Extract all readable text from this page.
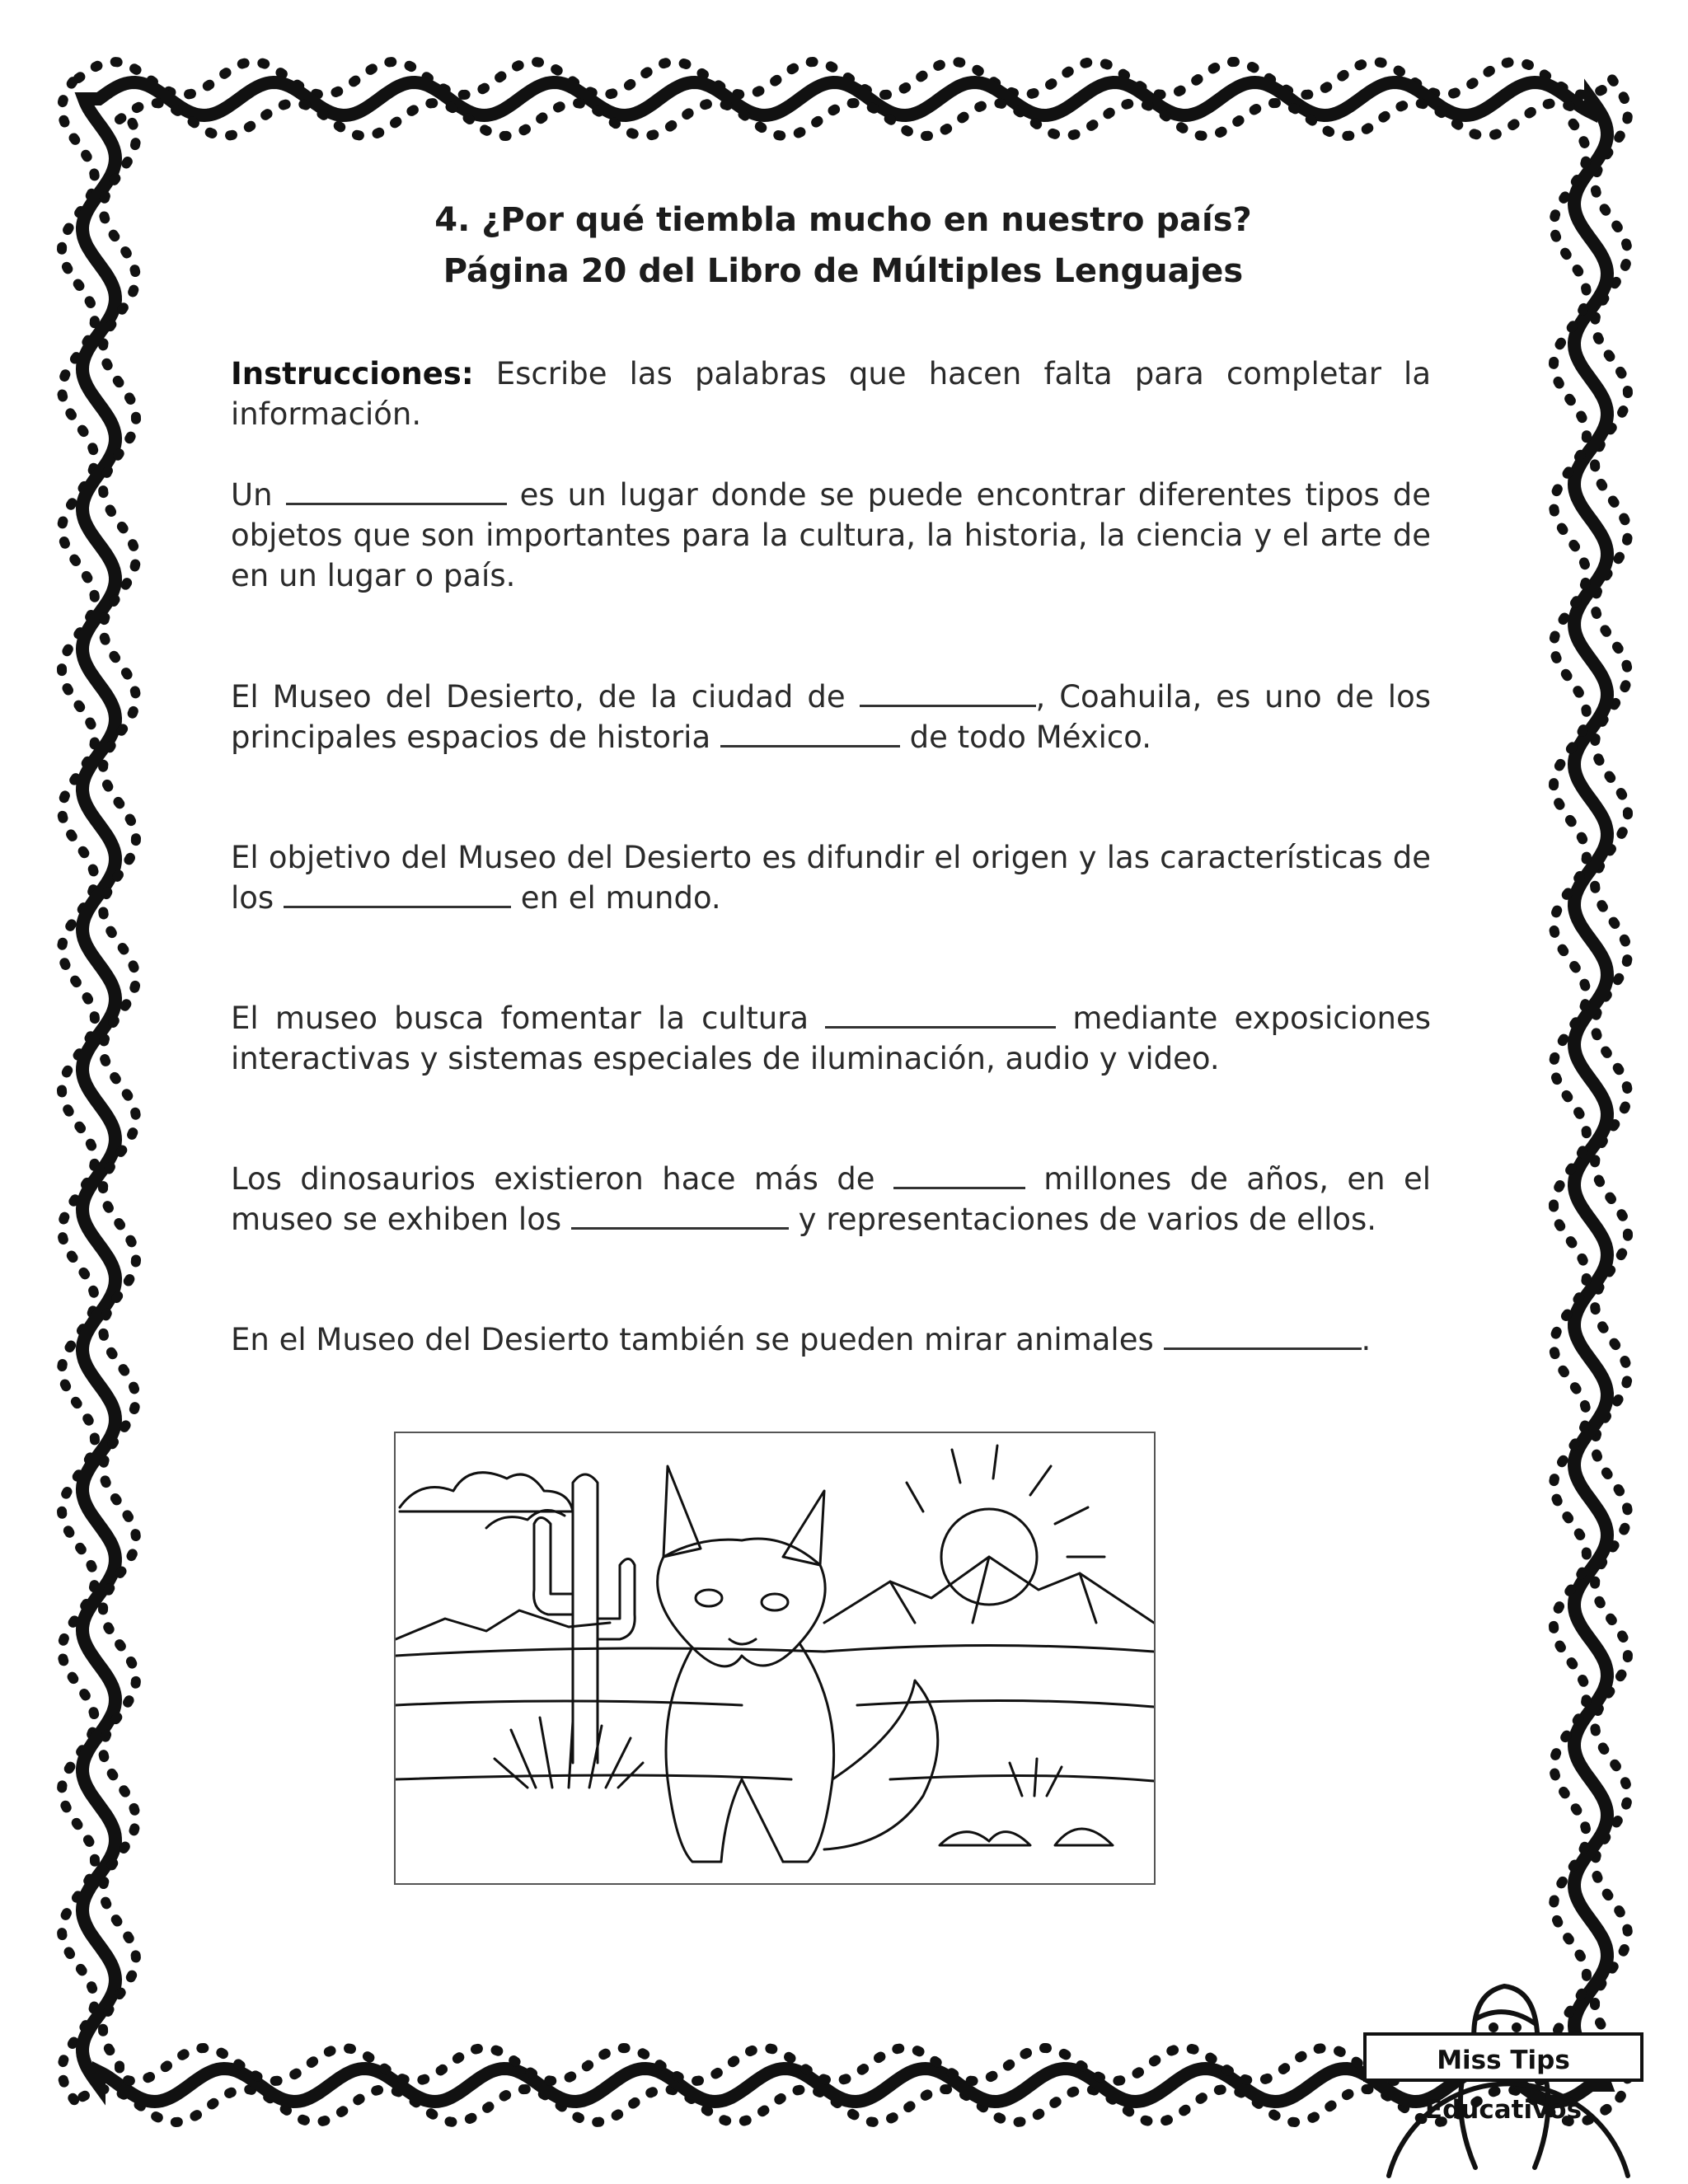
4. ¿Por qué tiembla mucho en nuestro país?
Página 20 del Libro de Múltiples Lenguajes

Instrucciones: Escribe las palabras que hacen falta para completar la información.

Un	es un lugar donde se puede encontrar diferentes tipos de objetos que son importantes para la cultura, la historia, la ciencia y el arte de en un lugar o país.

El Museo del Desierto, de la ciudad de	, Coahuila, es uno de los principales espacios de historia	de todo México.

El objetivo del Museo del Desierto es difundir el origen y las características de los	en el mundo.

El museo busca fomentar la cultura	mediante exposiciones interactivas y sistemas especiales de iluminación, audio y video.

Los dinosaurios existieron hace más de	millones de años, en el museo se exhiben los	y representaciones de varios de ellos.

En el Museo del Desierto también se pueden mirar animales	.

Miss Tips Educativos
